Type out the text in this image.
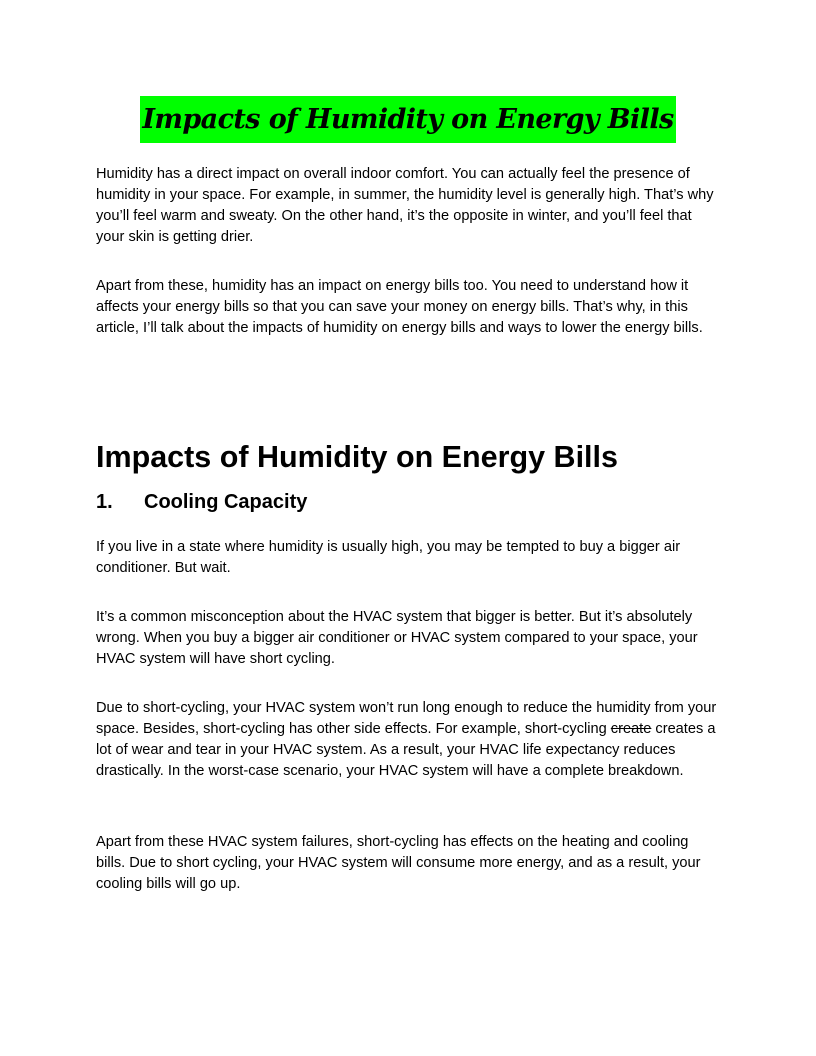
Impacts of Humidity on Energy Bills

Humidity has a direct impact on overall indoor comfort. You can actually feel the presence of humidity in your space. For example, in summer, the humidity level is generally high. That’s why you’ll feel warm and sweaty. On the other hand, it’s the opposite in winter, and you’ll feel that your skin is getting drier.

Apart from these, humidity has an impact on energy bills too. You need to understand how it affects your energy bills so that you can save your money on energy bills. That’s why, in this article, I’ll talk about the impacts of humidity on energy bills and ways to lower the energy bills.

Impacts of Humidity on Energy Bills
1. Cooling Capacity

If you live in a state where humidity is usually high, you may be tempted to buy a bigger air conditioner. But wait.

It’s a common misconception about the HVAC system that bigger is better. But it’s absolutely wrong. When you buy a bigger air conditioner or HVAC system compared to your space, your HVAC system will have short cycling.

Due to short-cycling, your HVAC system won’t run long enough to reduce the humidity from your space. Besides, short-cycling has other side effects. For example, short-cycling create creates a lot of wear and tear in your HVAC system. As a result, your HVAC life expectancy reduces drastically. In the worst-case scenario, your HVAC system will have a complete breakdown.

Apart from these HVAC system failures, short-cycling has effects on the heating and cooling bills. Due to short cycling, your HVAC system will consume more energy, and as a result, your cooling bills will go up.
